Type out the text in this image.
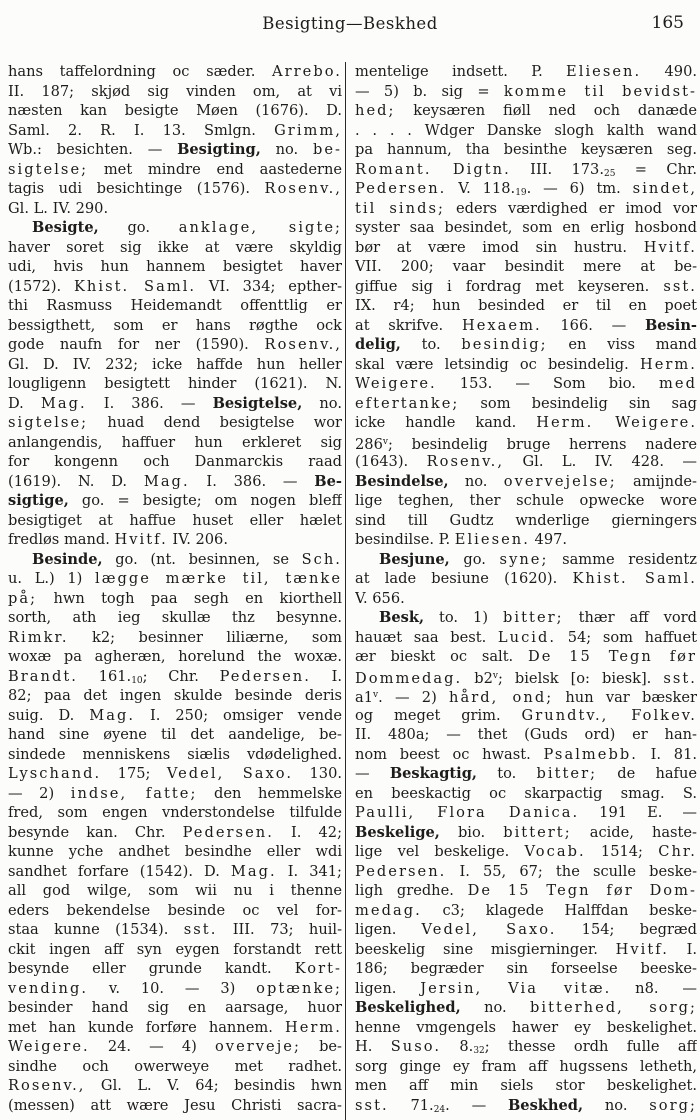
Besigting—Beskhed	165
hans taffelordning oc sæder. Arrebo.
II. 187; skjød sig vinden om, at vi
næsten kan besigte Møen (1676). D.
Saml. 2. R. I. 13. Smlgn. Grimm,
Wb.: besichten. — Besigting, no. be-
sigtelse; met mindre end aastederne
tagis udi besichtinge (1576). Rosenv.,
Gl. L. IV. 290.
Besigte, go. anklage, sigte;
haver soret sig ikke at være skyldig
udi, hvis hun hannem besigtet haver
(1572). Khist. Saml. VI. 334; epther-
thi Rasmuss Heidemandt offenttlig er
bessigthett, som er hans røgthe ock
gode naufn for ner (1590). Rosenv.,
Gl. D. IV. 232; icke haffde hun heller
lougligenn besigtett hinder (1621). N.
D. Mag. I. 386. — Besigtelse, no.
sigtelse; huad dend besigtelse wor
anlangendis, haffuer hun erkleret sig
for kongenn och Danmarckis raad
(1619). N. D. Mag. I. 386. — Be-
sigtige, go. = besigte; om nogen bleff
besigtiget at haffue huset eller hælet
fredløs mand. Hvitf. IV. 206.
Besinde, go. (nt. besinnen, se Sch.
u. L.) 1) lægge mærke til, tænke
på; hwn togh paa segh en kiorthell
sorth, ath ieg skullæ thz besynne.
Rimkr. k2; besinner liliærne, som
woxæ pa agheræn, horelund the woxæ.
Brandt. 161.10; Chr. Pedersen. I.
82; paa det ingen skulde besinde deris
suig. D. Mag. I. 250; omsiger vende
hand sine øyene til det aandelige, be-
sindede menniskens siælis vdødelighed.
Lyschand. 175; Vedel, Saxo. 130.
— 2) indse, fatte; den hemmelske
fred, som engen vnderstondelse tilfulde
besynde kan. Chr. Pedersen. I. 42;
kunne yche andhet besindhe eller wdi
sandhet forfare (1542). D. Mag. I. 341;
all god wilge, som wii nu i thenne
eders bekendelse besinde oc vel for-
staa kunne (1534). sst. III. 73; huil-
ckit ingen aff syn eygen forstandt rett
besynde eller grunde kandt. Kort-
vending. v. 10. — 3) optænke;
besinder hand sig en aarsage, huor
met han kunde forføre hannem. Herm.
Weigere. 24. — 4) overveje; be-
sindhe och owerweye met radhet.
Rosenv., Gl. L. V. 64; besindis hwn
(messen) att wære Jesu Christi sacra-
mentelige indsett. P. Eliesen. 490.
— 5) b. sig = komme til bevidst-
hed; keysæren fiøll ned och danæde
. . . . Wdger Danske slogh kalth wand
pa hannum, tha besinthe keysæren seg.
Romant. Digtn. III. 173.25 = Chr.
Pedersen. V. 118.19. — 6) tm. sindet,
til sinds; eders værdighed er imod vor
syster saa besindet, som en erlig hosbond
bør at være imod sin hustru. Hvitf.
VII. 200; vaar besindit mere at be-
giffue sig i fordrag met keyseren. sst.
IX. r4; hun besinded er til en poet
at skrifve. Hexaem. 166. — Besin-
delig, to. besindig; en viss mand
skal være letsindig oc besindelig. Herm.
Weigere. 153. — Som bio. med
eftertanke; som besindelig sin sag
icke handle kand. Herm. Weigere.
286$^v$; besindelig bruge herrens nadere
(1643). Rosenv., Gl. L. IV. 428. —
Besindelse, no. overvejelse; amijnde-
lige teghen, ther schule opwecke wore
sind till Gudtz wnderlige gierningers
besindilse. P. Eliesen. 497.
Besjune, go. syne; samme residentz
at lade besiune (1620). Khist. Saml.
V. 656.
Besk, to. 1) bitter; thær aff vord
hauæt saa best. Lucid. 54; som haffuet
ær bieskt oc salt. De 15 Tegn før
Dommedag. b2$^v$; bielsk [o: biesk]. sst.
a1$^v$. — 2) hård, ond; hun var bæsker
og meget grim. Grundtv., Folkev.
II. 480a; — thet (Guds ord) er han-
nom beest oc hwast. Psalmebb. I. 81.
— Beskagtig, to. bitter; de hafue
en beeskactig oc skarpactig smag. S.
Paulli, Flora Danica. 191 E. —
Beskelige, bio. bittert; acide, haste-
lige vel beskelige. Vocab. 1514; Chr.
Pedersen. I. 55, 67; the sculle beske-
ligh gredhe. De 15 Tegn før Dom-
medag. c3; klagede Halffdan beske-
ligen. Vedel, Saxo. 154; begræd
beeskelig sine misgierninger. Hvitf. I.
186; begræder sin forseelse beeske-
ligen. Jersin, Via vitæ. n8. —
Beskelighed, no. bitterhed, sorg;
henne vmgengels hawer ey beskelighet.
H. Suso. 8.32; thesse ordh fulle aff
sorg ginge ey fram aff hugssens letheth,
men aff min siels stor beskelighet.
sst. 71.24. — Beskhed, no. sorg;
